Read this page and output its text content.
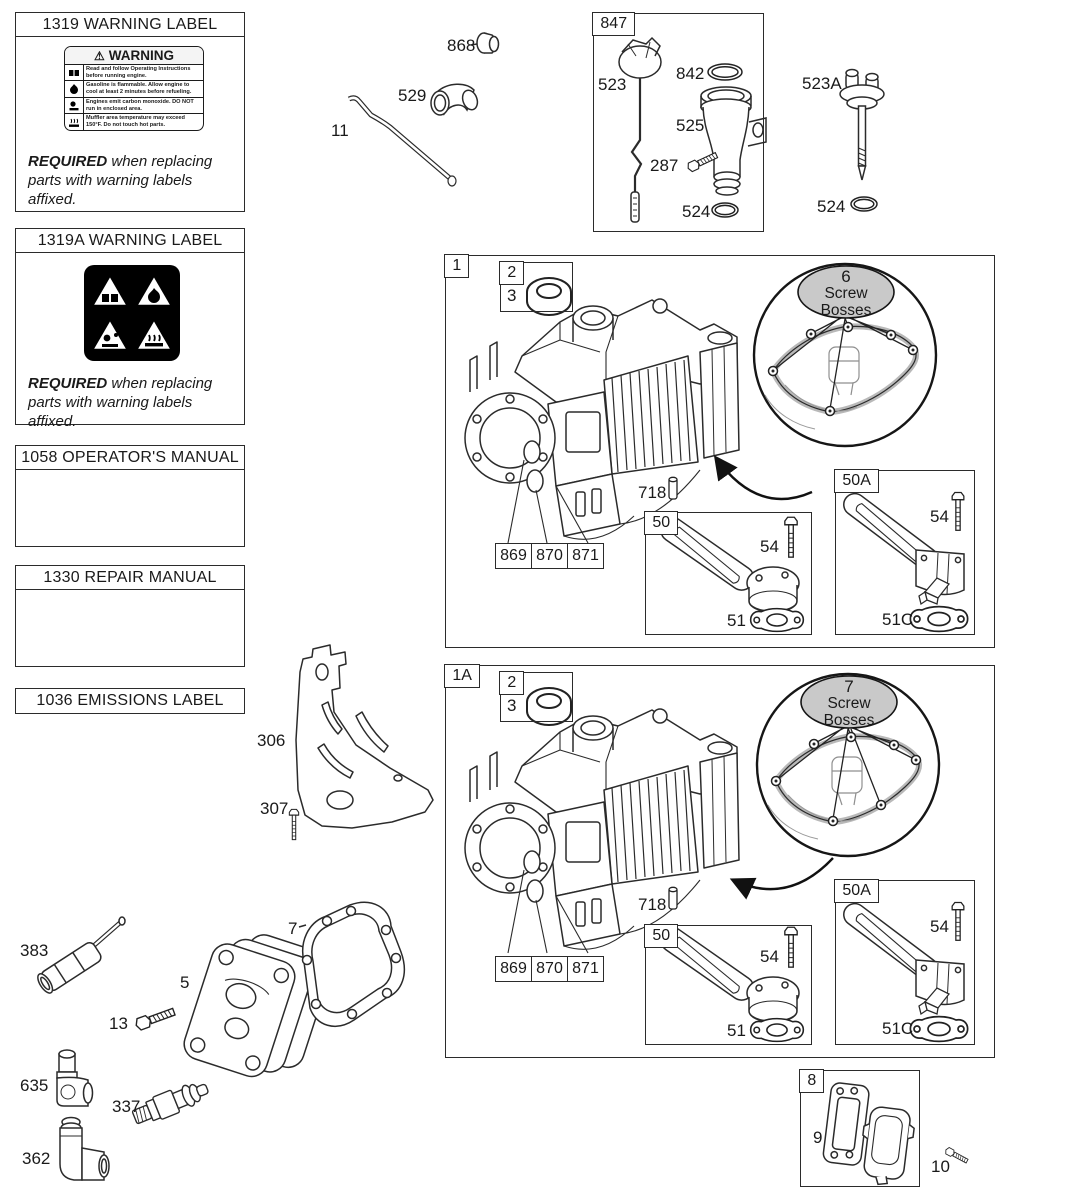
1319 WARNING LABEL
⚠ WARNING
Read and follow Operating Instructions before running engine.
Gasoline is flammable. Allow engine to cool at least 2 minutes before refueling.
Engines emit carbon monoxide. DO NOT run in enclosed area.
Muffler area temperature may exceed 150°F. Do not touch hot parts.

REQUIRED when replacing parts with warning labels affixed.

1319A WARNING LABEL

REQUIRED when replacing parts with warning labels affixed.

1058 OPERATOR'S MANUAL
1330 REPAIR MANUAL
1036 EMISSIONS LABEL
847
1	2
50
50A
1A	2
50
50A
8
868
529
11
523
842
525
287
524
523A
524
3
718
54
51
54
51C
3
718
54
51
54
51C
306
307
383
5
13
7
635
337
362
9
10
869 870 871
869 870 871
6
Screw
Bosses
7
Screw
Bosses
